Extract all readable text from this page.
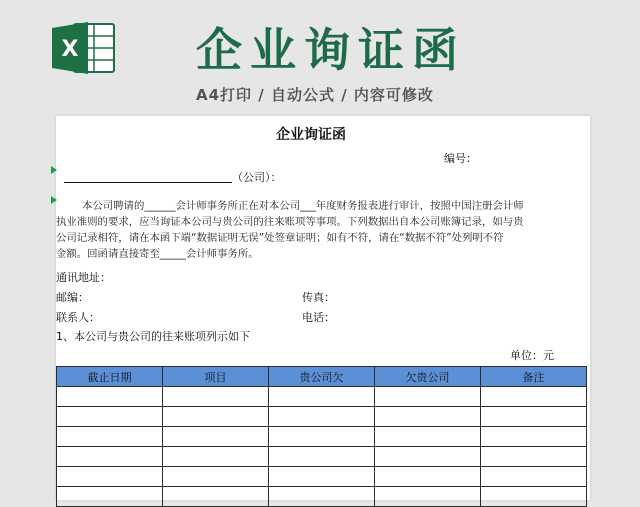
X	企业询证函
A4打印 / 自动公式 / 内容可修改
企业询证函
编号：
（公司）：
本公司聘请的______会计师事务所正在对本公司___年度财务报表进行审计，按照中国注册会计师
执业准则的要求，应当询证本公司与贵公司的往来账项等事项。下列数据出自本公司账簿记录，如与贵
公司记录相符，请在本函下端“数据证明无误”处签章证明；如有不符，请在“数据不符”处列明不符
金额。回函请直接寄至_____会计师事务所。
通讯地址：
邮编：	传真：
联系人：	电话：
1、本公司与贵公司的往来账项列示如下
单位：元
截止日期	项目	贵公司欠	欠贵公司	备注
